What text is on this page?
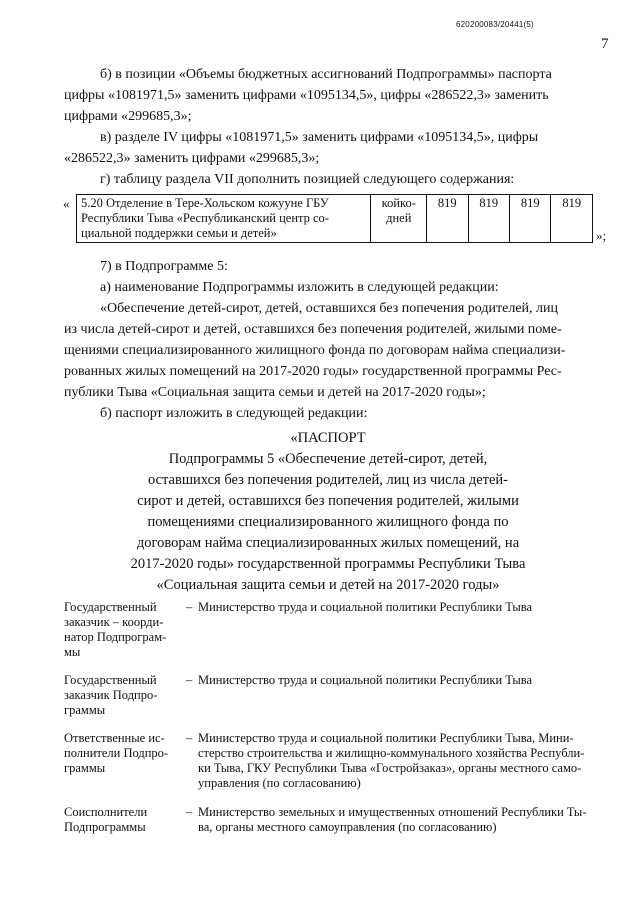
620200083/20441(5)
7
б) в позиции «Объемы бюджетных ассигнований Подпрограммы» паспорта
цифры «1081971,5» заменить цифрами «1095134,5», цифры «286522,3» заменить
цифрами «299685,3»;
в) разделе IV цифры «1081971,5» заменить цифрами «1095134,5», цифры
«286522,3» заменить цифрами «299685,3»;
г) таблицу раздела VII дополнить позицией следующего содержания:
« 5.20 Отделение в Тере-Хольском кожууне ГБУ
Республики Тыва «Республиканский центр со-
циальной поддержки семьи и детей»

койко-
дней
	819	819	819	819
»;
7) в Подпрограмме 5:
а) наименование Подпрограммы изложить в следующей редакции:
«Обеспечение детей-сирот, детей, оставшихся без попечения родителей, лиц
из числа детей-сирот и детей, оставшихся без попечения родителей, жилыми поме-
щениями специализированного жилищного фонда по договорам найма специализи-
рованных жилых помещений на 2017-2020 годы» государственной программы Рес-
публики Тыва «Социальная защита семьи и детей на 2017-2020 годы»;
б) паспорт изложить в следующей редакции:
«ПАСПОРТ
Подпрограммы 5 «Обеспечение детей-сирот, детей,
оставшихся без попечения родителей, лиц из числа детей-
сирот и детей, оставшихся без попечения родителей, жилыми
помещениями специализированного жилищного фонда по
договорам найма специализированных жилых помещений, на
2017-2020 годы» государственной программы Республики Тыва
«Социальная защита семьи и детей на 2017-2020 годы»
Государственный
заказчик – коорди-
натор Подпрограм-
мы
– Министерство труда и социальной политики Республики Тыва
Государственный
заказчик Подпро-
граммы
– Министерство труда и социальной политики Республики Тыва
Ответственные ис-
полнители Подпро-
граммы
– Министерство труда и социальной политики Республики Тыва, Мини-
стерство строительства и жилищно-коммунального хозяйства Республи-
ки Тыва, ГКУ Республики Тыва «Гостройзаказ», органы местного само-
управления (по согласованию)
Соисполнители
Подпрограммы
– Министерство земельных и имущественных отношений Республики Ты-
ва, органы местного самоуправления (по согласованию)
